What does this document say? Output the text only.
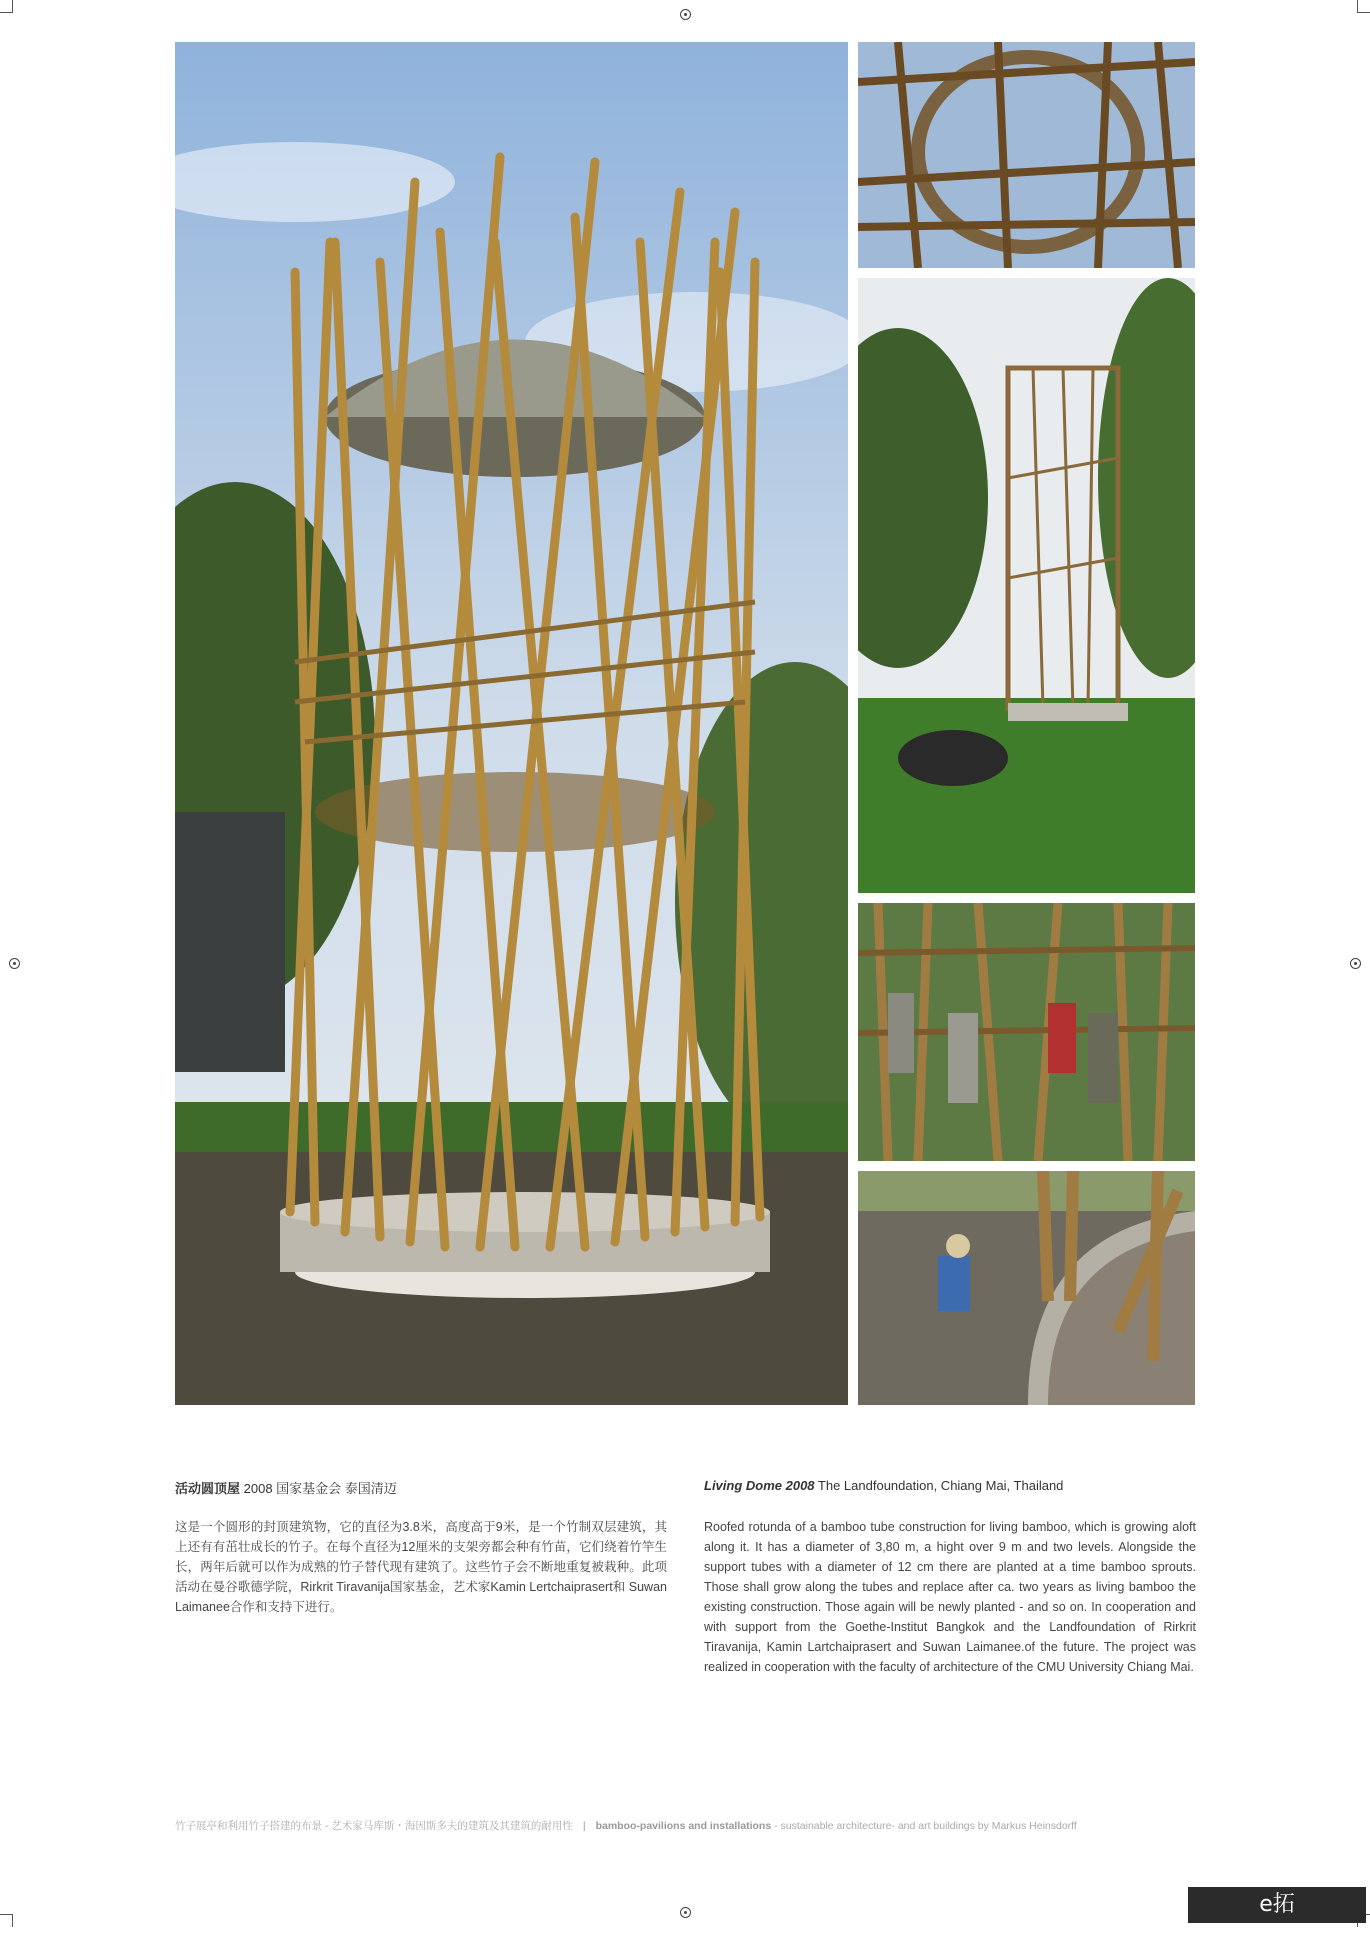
活动圆顶屋 2008 国家基金会 泰国清迈	Living Dome 2008 The Landfoundation, Chiang Mai, Thailand
这是一个圆形的封顶建筑物，它的直径为3.8米，高度高于9米，是一个竹制双层建筑，其上还有有茁壮成长的竹子。在每个直径为12厘米的支架旁都会种有竹苗，它们绕着竹竿生长，两年后就可以作为成熟的竹子替代现有建筑了。这些竹子会不断地重复被栽种。此项活动在曼谷歌德学院，Rirkrit Tiravanija国家基金，艺术家Kamin Lertchaiprasert和 Suwan Laimanee合作和支持下进行。
Roofed rotunda of a bamboo tube construction for living bamboo, which is growing aloft along it. It has a diameter of 3,80 m, a hight over 9 m and two levels. Alongside the support tubes with a diameter of 12 cm there are planted at a time bamboo sprouts. Those shall grow along the tubes and replace after ca. two years as living bamboo the existing construction. Those again will be newly planted - and so on. In cooperation and with support from the Goethe-Institut Bangkok and the Landfoundation of Rirkrit Tiravanija, Kamin Lartchaiprasert and Suwan Laimanee.of the future. The project was realized in cooperation with the faculty of architecture of the CMU University Chiang Mai.
竹子展亭和利用竹子搭建的布景 - 艺术家马库斯・海因斯多夫的建筑及其建筑的耐用性 | bamboo-pavilions and installations - sustainable architecture- and art buildings by Markus Heinsdorff
e拓 eeeetop.com
